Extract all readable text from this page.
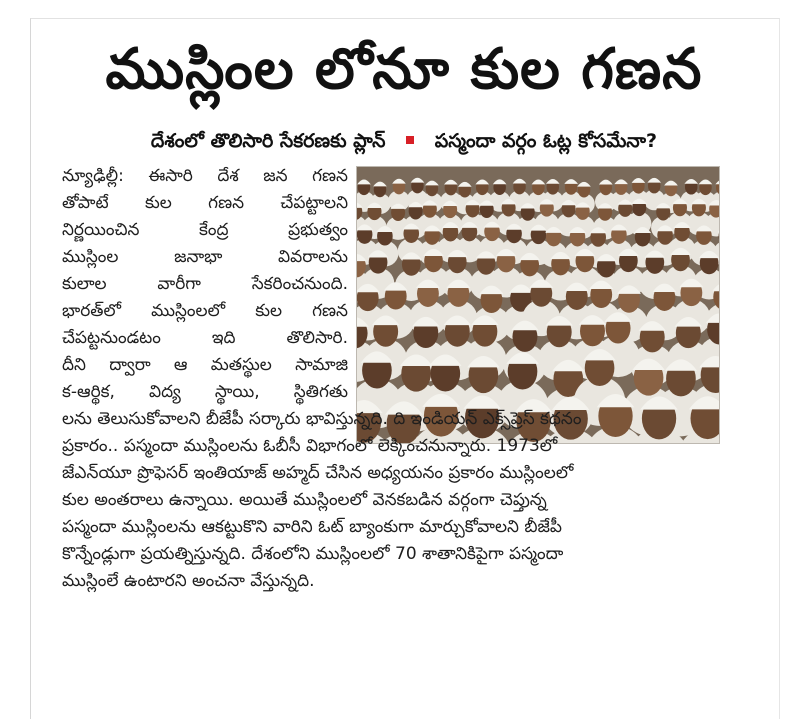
ముస్లింల లోనూ కుల గణన
దేశంలో తొలిసారి సేకరణకు ప్లాన్	పస్మందా వర్గం ఓట్ల కోసమేనా?
న్యూఢిల్లీ: ఈసారి దేశ జన గణన
తోపాటే కుల గణన చేపట్టాలని
నిర్ణయించిన కేంద్ర ప్రభుత్వం
ముస్లింల జనాభా వివరాలను
కులాల వారీగా సేకరించనుంది.
భారత్‌లో ముస్లింలలో కుల గణన
చేపట్టనుండటం ఇది తొలిసారి.
దీని ద్వారా ఆ మతస్థుల సామాజి
క-ఆర్థిక, విద్య స్థాయి, స్థితిగతు
లను తెలుసుకోవాలని బీజేపీ సర్కారు భావిస్తున్నది. ది ఇండియన్ ఎక్స్‌ప్రెస్ కథనం
ప్రకారం.. పస్మందా ముస్లింలను ఓబీసీ విభాగంలో లెక్కించనున్నారు. 1973లో
జేఎన్‌యూ ప్రొఫెసర్ ఇంతియాజ్ అహ్మద్ చేసిన అధ్యయనం ప్రకారం ముస్లింలలో
కుల అంతరాలు ఉన్నాయి. అయితే ముస్లింలలో వెనకబడిన వర్గంగా చెప్తున్న
పస్మందా ముస్లింలను ఆకట్టుకొని వారిని ఓట్ బ్యాంకుగా మార్చుకోవాలని బీజేపీ
కొన్నేండ్లుగా ప్రయత్నిస్తున్నది. దేశంలోని ముస్లింలలో 70 శాతానికిపైగా పస్మందా
ముస్లింలే ఉంటారని అంచనా వేస్తున్నది.
